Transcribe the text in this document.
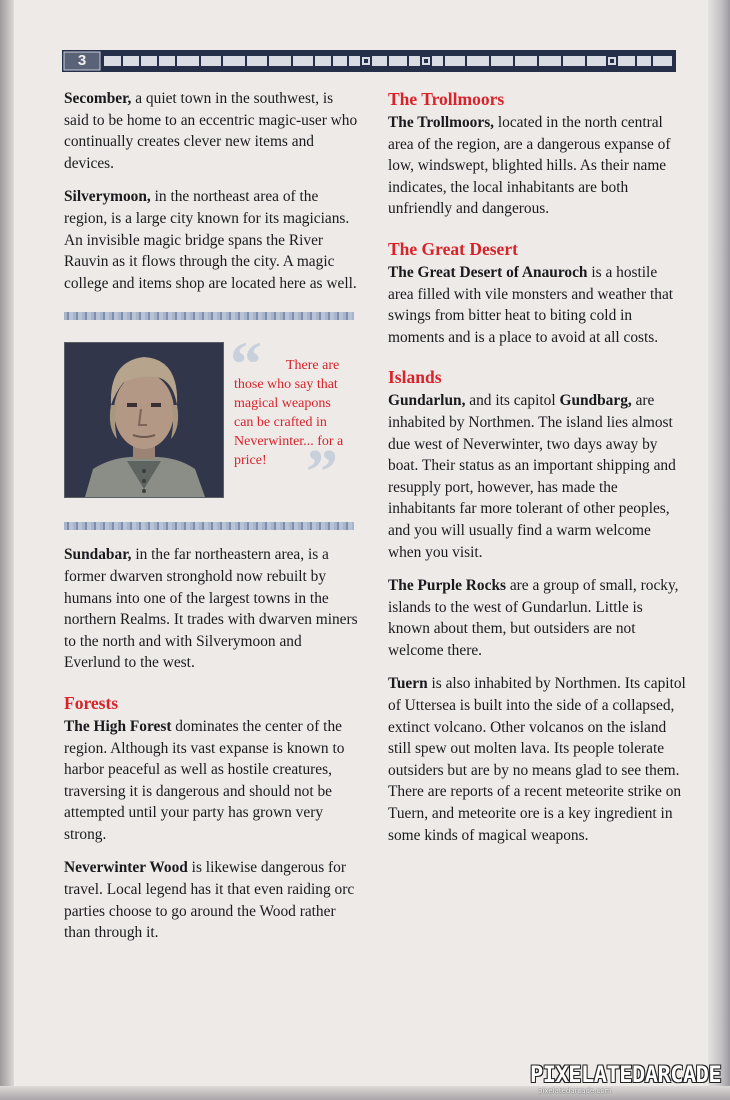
3

Secomber, a quiet town in the southwest, is said to be home to an eccentric magic-user who continually creates clever new items and devices.

Silverymoon, in the northeast area of the region, is a large city known for its magicians. An invisible magic bridge spans the River Rauvin as it flows through the city. A magic college and items shop are located here as well.

“	There are those who say that magical weapons can be crafted in Neverwinter... for a price! ”

Sundabar, in the far northeastern area, is a former dwarven stronghold now rebuilt by humans into one of the largest towns in the northern Realms. It trades with dwarven miners to the north and with Silverymoon and Everlund to the west.

Forests

The High Forest dominates the center of the region. Although its vast expanse is known to harbor peaceful as well as hostile creatures, traversing it is dangerous and should not be attempted until your party has grown very strong.

Neverwinter Wood is likewise dangerous for travel. Local legend has it that even raiding orc parties choose to go around the Wood rather than through it.

The Trollmoors

The Trollmoors, located in the north central area of the region, are a dangerous expanse of low, windswept, blighted hills. As their name indicates, the local inhabitants are both unfriendly and dangerous.

The Great Desert

The Great Desert of Anauroch is a hostile area filled with vile monsters and weather that swings from bitter heat to biting cold in moments and is a place to avoid at all costs.

Islands

Gundarlun, and its capitol Gundbarg, are inhabited by Northmen. The island lies almost due west of Neverwinter, two days away by boat. Their status as an important shipping and resupply port, however, has made the inhabitants far more tolerant of other peoples, and you will usually find a warm welcome when you visit.

The Purple Rocks are a group of small, rocky, islands to the west of Gundarlun. Little is known about them, but outsiders are not welcome there.

Tuern is also inhabited by Northmen. Its capitol of Uttersea is built into the side of a collapsed, extinct volcano. Other volcanos on the island still spew out molten lava. Its people tolerate outsiders but are by no means glad to see them. There are reports of a recent meteorite strike on Tuern, and meteorite ore is a key ingredient in some kinds of magical weapons.

PIXELATEDARCADE
pixelatedarcade.com
